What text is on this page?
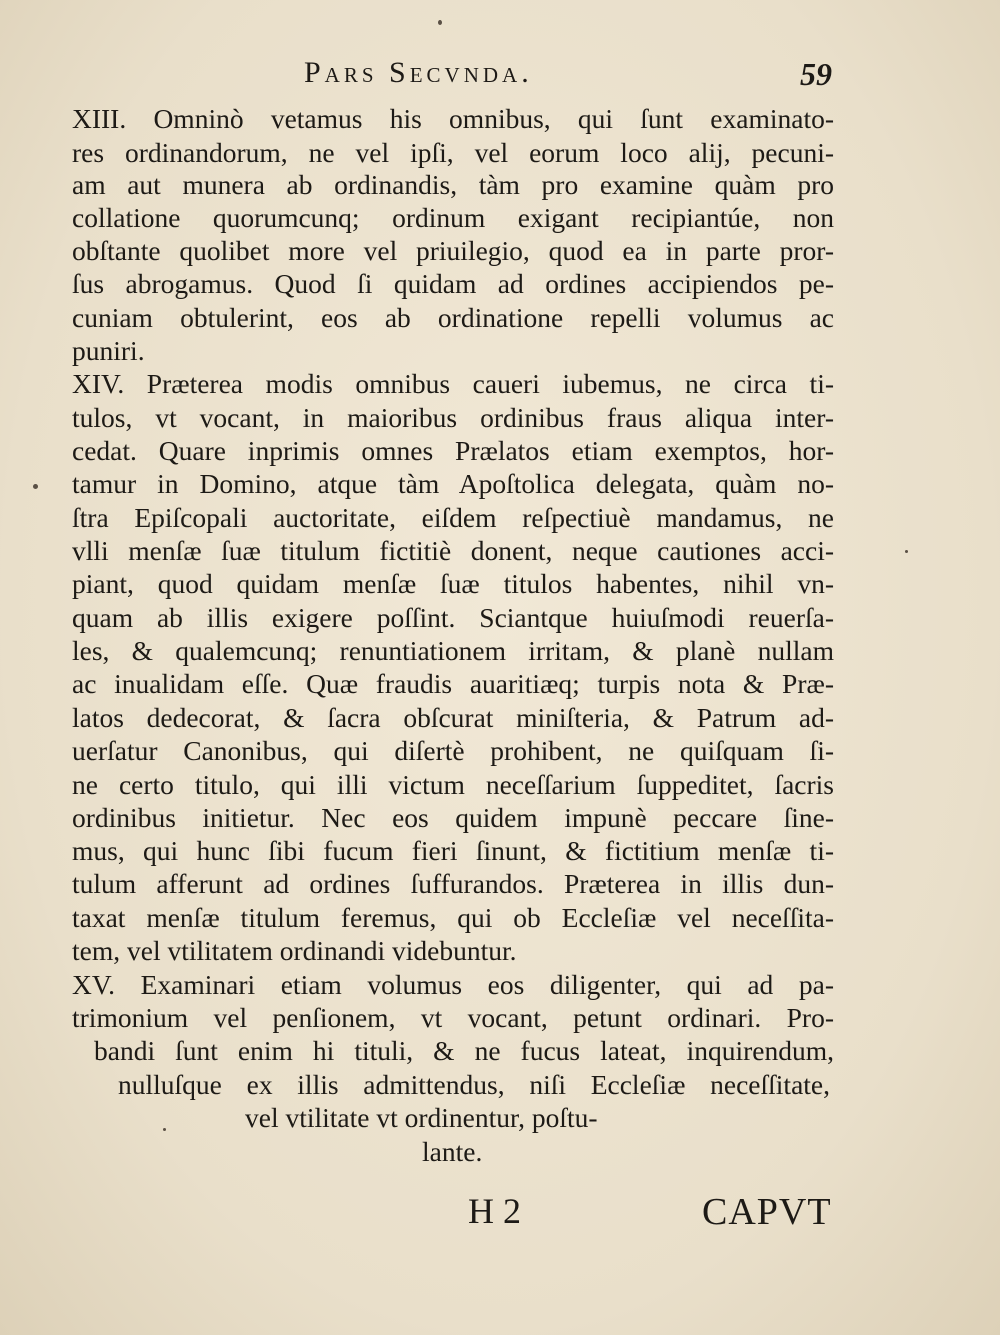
Pars Secvnda.	59
XIII. Omninò vetamus his omnibus, qui ſunt examinato-
res ordinandorum, ne vel ipſi, vel eorum loco alij, pecuni-
am aut munera ab ordinandis, tàm pro examine quàm pro
collatione quorumcunq; ordinum exigant recipiantúe, non
obſtante quolibet more vel priuilegio, quod ea in parte pror-
ſus abrogamus. Quod ſi quidam ad ordines accipiendos pe-
cuniam obtulerint, eos ab ordinatione repelli volumus ac
puniri.
XIV. Præterea modis omnibus caueri iubemus, ne circa ti-
tulos, vt vocant, in maioribus ordinibus fraus aliqua inter-
cedat. Quare inprimis omnes Prælatos etiam exemptos, hor-
tamur in Domino, atque tàm Apoſtolica delegata, quàm no-
ſtra Epiſcopali auctoritate, eiſdem reſpectiuè mandamus, ne
vlli menſæ ſuæ titulum fictitiè donent, neque cautiones acci-
piant, quod quidam menſæ ſuæ titulos habentes, nihil vn-
quam ab illis exigere poſſint. Sciantque huiuſmodi reuerſa-
les, & qualemcunq; renuntiationem irritam, & planè nullam
ac inualidam eſſe. Quæ fraudis auaritiæq; turpis nota & Præ-
latos dedecorat, & ſacra obſcurat miniſteria, & Patrum ad-
uerſatur Canonibus, qui diſertè prohibent, ne quiſquam ſi-
ne certo titulo, qui illi victum neceſſarium ſuppeditet, ſacris
ordinibus initietur. Nec eos quidem impunè peccare ſine-
mus, qui hunc ſibi fucum fieri ſinunt, & fictitium menſæ ti-
tulum afferunt ad ordines ſuffurandos. Præterea in illis dun-
taxat menſæ titulum feremus, qui ob Eccleſiæ vel neceſſita-
tem, vel vtilitatem ordinandi videbuntur.
XV. Examinari etiam volumus eos diligenter, qui ad pa-
trimonium vel penſionem, vt vocant, petunt ordinari. Pro-
bandi ſunt enim hi tituli, & ne fucus lateat, inquirendum,
nulluſque ex illis admittendus, niſi Eccleſiæ neceſſitate,
vel vtilitate vt ordinentur, poſtu-
lante.
H 2	CAPVT
